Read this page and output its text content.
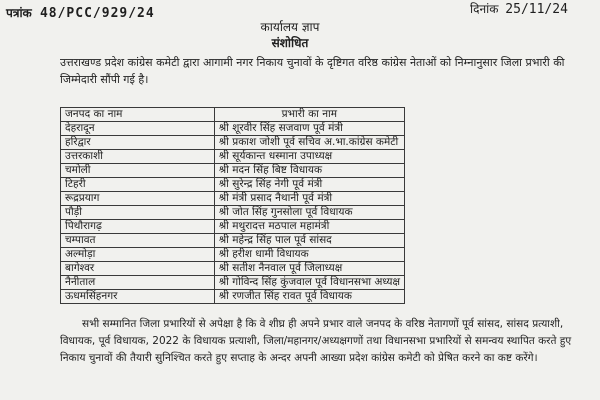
पत्रांक 48/PCC/929/24	दिनांक 25/11/24
कार्यालय ज्ञाप
संशोधित
उत्तराखण्ड प्रदेश कांग्रेस कमेटी द्वारा आगामी नगर निकाय चुनावों के दृष्टिगत वरिष्ठ कांग्रेस नेताओं को निम्नानुसार जिला प्रभारी की जिम्मेदारी सौंपी गई है।
जनपद का नाम	प्रभारी का नाम
देहरादून	श्री शूरवीर सिंह सजवाण पूर्व मंत्री
हरिद्वार	श्री प्रकाश जोशी पूर्व सचिव अ.भा.कांग्रेस कमेटी
उत्तरकाशी	श्री सूर्यकान्त धस्माना उपाध्यक्ष
चमोली	श्री मदन सिंह बिष्ट विधायक
टिहरी	श्री सुरेन्द्र सिंह नेगी पूर्व मंत्री
रूद्रप्रयाग	श्री मंत्री प्रसाद नैथानी पूर्व मंत्री
पौड़ी	श्री जोत सिंह गुनसोला पूर्व विधायक
पिथौरागढ़	श्री मथुरादत्त मठपाल महामंत्री
चम्पावत	श्री महेन्द्र सिंह पाल पूर्व सांसद
अल्मोड़ा	श्री हरीश धामी विधायक
बागेश्वर	श्री सतीश नैनवाल पूर्व जिलाध्यक्ष
नैनीताल	श्री गोविन्द सिंह कुंजवाल पूर्व विधानसभा अध्यक्ष
ऊधमसिंहनगर	श्री रणजीत सिंह रावत पूर्व विधायक

सभी सम्मानित जिला प्रभारियों से अपेक्षा है कि वे शीघ्र ही अपने प्रभार वाले जनपद के वरिष्ठ नेतागणों पूर्व सांसद, सांसद प्रत्याशी, विधायक, पूर्व विधायक, 2022 के विधायक प्रत्याशी, जिला/महानगर/अध्यक्षगणों तथा विधानसभा प्रभारियों से समन्वय स्थापित करते हुए निकाय चुनावों की तैयारी सुनिश्चित करते हुए सप्ताह के अन्दर अपनी आख्या प्रदेश कांग्रेस कमेटी को प्रेषित करने का कष्ट करेंगे।
